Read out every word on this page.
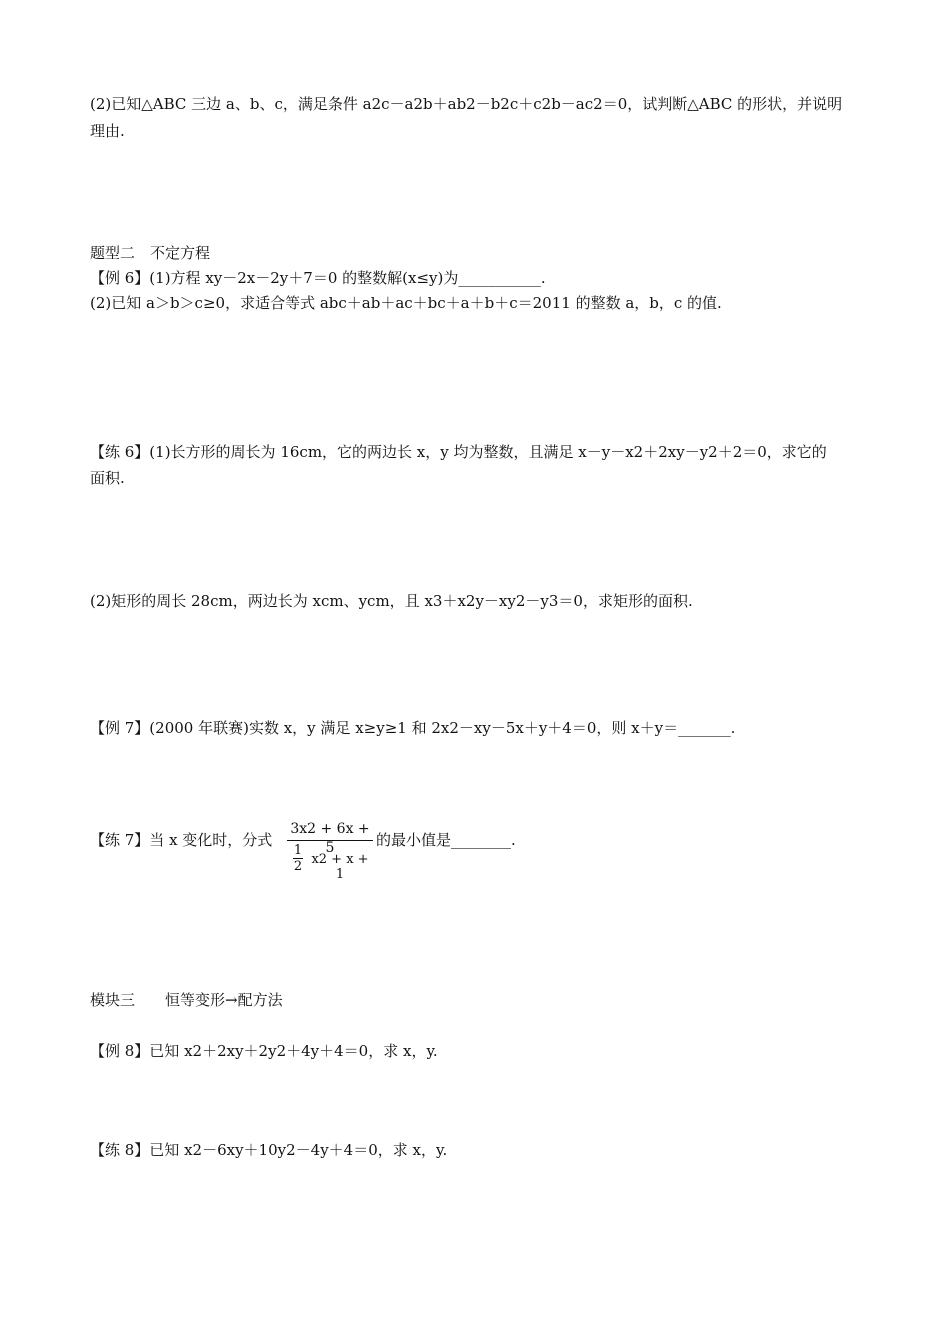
(2)已知△ABC 三边 a、b、c，满足条件 a2c－a2b＋ab2－b2c＋c2b－ac2＝0，试判断△ABC 的形状，并说明
理由.
题型二　不定方程
【例 6】(1)方程 xy－2x－2y＋7＝0 的整数解(x≤y)为___________.
(2)已知 a＞b＞c≥0，求适合等式 abc＋ab＋ac＋bc＋a＋b＋c＝2011 的整数 a，b，c 的值.
【练 6】(1)长方形的周长为 16cm，它的两边长 x，y 均为整数，且满足 x－y－x2＋2xy－y2＋2＝0，求它的
面积.
(2)矩形的周长 28cm，两边长为 xcm、ycm，且 x3＋x2y－xy2－y3＝0，求矩形的面积.
【例 7】(2000 年联赛)实数 x，y 满足 x≥y≥1 和 2x2－xy－5x＋y＋4＝0，则 x＋y＝_______.
【练 7】当 x 变化时，分式
3x2 + 6x + 5
1
2 x2 + x + 1
的最小值是________.
模块三　　恒等变形→配方法
【例 8】已知 x2＋2xy＋2y2＋4y＋4＝0，求 x，y.
【练 8】已知 x2－6xy＋10y2－4y＋4＝0，求 x，y.
